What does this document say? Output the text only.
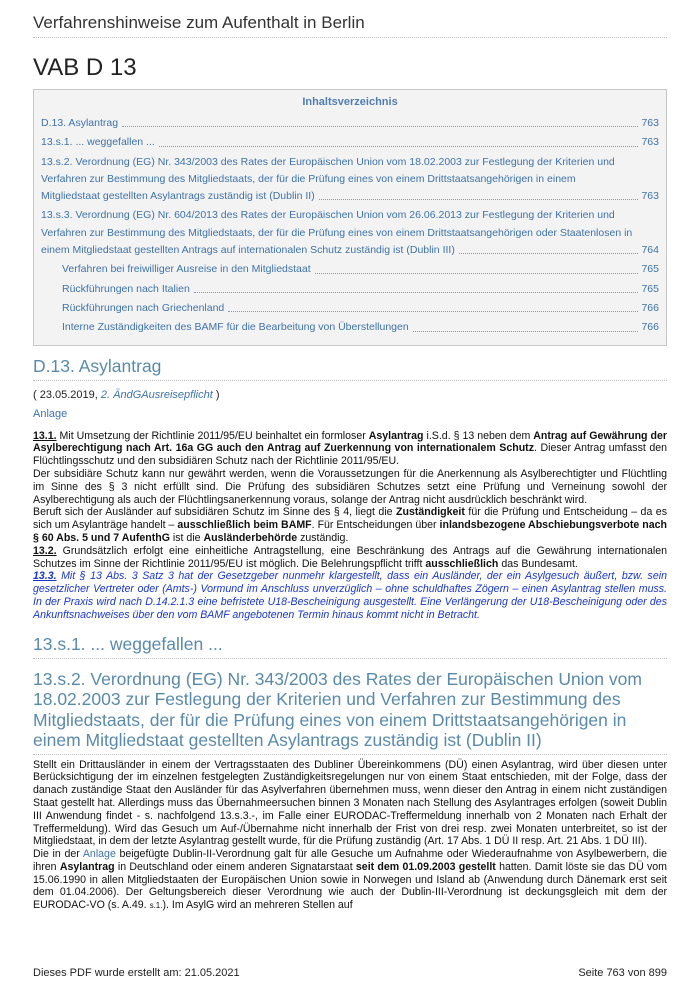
Verfahrenshinweise zum Aufenthalt in Berlin
VAB D 13
Inhaltsverzeichnis
D.13. Asylantrag	763
13.s.1. ... weggefallen ...	763
13.s.2. Verordnung (EG) Nr. 343/2003 des Rates der Europäischen Union vom 18.02.2003 zur Festlegung der Kriterien und
Verfahren zur Bestimmung des Mitgliedstaats, der für die Prüfung eines von einem Drittstaatsangehörigen in einem
Mitgliedstaat gestellten Asylantrags zuständig ist (Dublin II)	763
13.s.3. Verordnung (EG) Nr. 604/2013 des Rates der Europäischen Union vom 26.06.2013 zur Festlegung der Kriterien und
Verfahren zur Bestimmung des Mitgliedstaats, der für die Prüfung eines von einem Drittstaatsangehörigen oder Staatenlosen in
einem Mitgliedstaat gestellten Antrags auf internationalen Schutz zuständig ist (Dublin III)	764
Verfahren bei freiwilliger Ausreise in den Mitgliedstaat	765
Rückführungen nach Italien	765
Rückführungen nach Griechenland	766
Interne Zuständigkeiten des BAMF für die Bearbeitung von Überstellungen	766
D.13. Asylantrag
( 23.05.2019, 2. ÄndGAusreisepflicht )
Anlage

13.1. Mit Umsetzung der Richtlinie 2011/95/EU beinhaltet ein formloser Asylantrag i.S.d. § 13 neben dem Antrag auf Gewährung der Asylberechtigung nach Art. 16a GG auch den Antrag auf Zuerkennung von internationalem Schutz. Dieser Antrag umfasst den Flüchtlingsschutz und den subsidiären Schutz nach der Richtlinie 2011/95/EU.

Der subsidiäre Schutz kann nur gewährt werden, wenn die Voraussetzungen für die Anerkennung als Asylberechtigter und Flüchtling im Sinne des § 3 nicht erfüllt sind. Die Prüfung des subsidiären Schutzes setzt eine Prüfung und Verneinung sowohl der Asylberechtigung als auch der Flüchtlingsanerkennung voraus, solange der Antrag nicht ausdrücklich beschränkt wird.

Beruft sich der Ausländer auf subsidiären Schutz im Sinne des § 4, liegt die Zuständigkeit für die Prüfung und Entscheidung – da es sich um Asylanträge handelt – ausschließlich beim BAMF. Für Entscheidungen über inlandsbezogene Abschiebungsverbote nach § 60 Abs. 5 und 7 AufenthG ist die Ausländerbehörde zuständig.

13.2. Grundsätzlich erfolgt eine einheitliche Antragstellung, eine Beschränkung des Antrags auf die Gewährung internationalen Schutzes im Sinne der Richtlinie 2011/95/EU ist möglich. Die Belehrungspflicht trifft ausschließlich das Bundesamt.

13.3. Mit § 13 Abs. 3 Satz 3 hat der Gesetzgeber nunmehr klargestellt, dass ein Ausländer, der ein Asylgesuch äußert, bzw. sein gesetzlicher Vertreter oder (Amts-) Vormund im Anschluss unverzüglich – ohne schuldhaftes Zögern – einen Asylantrag stellen muss. In der Praxis wird nach D.14.2.1.3 eine befristete U18-Bescheinigung ausgestellt. Eine Verlängerung der U18-Bescheinigung oder des Ankunftsnachweises über den vom BAMF angebotenen Termin hinaus kommt nicht in Betracht.

13.s.1. ... weggefallen ...
13.s.2. Verordnung (EG) Nr. 343/2003 des Rates der Europäischen Union vom 18.02.2003 zur Festlegung der Kriterien und Verfahren zur Bestimmung des Mitgliedstaats, der für die Prüfung eines von einem Drittstaatsangehörigen in einem Mitgliedstaat gestellten Asylantrags zuständig ist (Dublin II)

Stellt ein Drittausländer in einem der Vertragsstaaten des Dubliner Übereinkommens (DÜ) einen Asylantrag, wird über diesen unter Berücksichtigung der im einzelnen festgelegten Zuständigkeitsregelungen nur von einem Staat entschieden, mit der Folge, dass der danach zuständige Staat den Ausländer für das Asylverfahren übernehmen muss, wenn dieser den Antrag in einem nicht zuständigen Staat gestellt hat. Allerdings muss das Übernahmeersuchen binnen 3 Monaten nach Stellung des Asylantrages erfolgen (soweit Dublin III Anwendung findet - s. nachfolgend 13.s.3.-, im Falle einer EURODAC-Treffermeldung innerhalb von 2 Monaten nach Erhalt der Treffermeldung). Wird das Gesuch um Auf-/Übernahme nicht innerhalb der Frist von drei resp. zwei Monaten unterbreitet, so ist der Mitgliedstaat, in dem der letzte Asylantrag gestellt wurde, für die Prüfung zuständig (Art. 17 Abs. 1 DÜ II resp. Art. 21 Abs. 1 DÜ III).

Die in der Anlage beigefügte Dublin-II-Verordnung galt für alle Gesuche um Aufnahme oder Wiederaufnahme von Asylbewerbern, die ihren Asylantrag in Deutschland oder einem anderen Signatarstaat seit dem 01.09.2003 gestellt hatten. Damit löste sie das DÜ vom 15.06.1990 in allen Mitgliedstaaten der Europäischen Union sowie in Norwegen und Island ab (Anwendung durch Dänemark erst seit dem 01.04.2006). Der Geltungsbereich dieser Verordnung wie auch der Dublin-III-Verordnung ist deckungsgleich mit dem der EURODAC-VO (s. A.49. s.1.). Im AsylG wird an mehreren Stellen auf

Dieses PDF wurde erstellt am: 21.05.2021	Seite 763 von 899
